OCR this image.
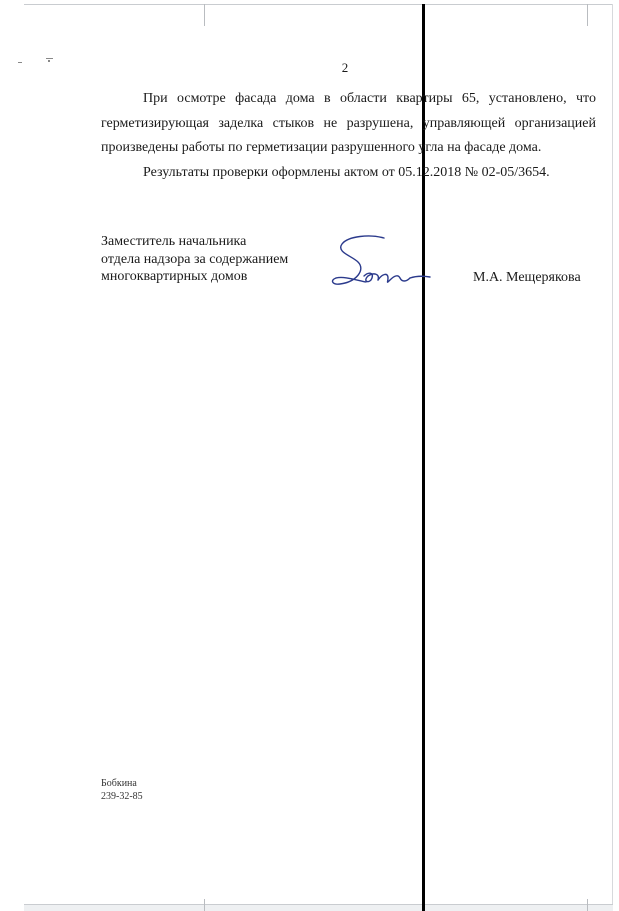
2

При осмотре фасада дома в области квартиры 65, установлено, что герметизирующая заделка стыков не разрушена, управляющей организацией произведены работы по герметизации разрушенного угла на фасаде дома.

Результаты проверки оформлены актом от 05.12.2018 № 02-05/3654.

Заместитель начальника
отдела надзора за содержанием
многоквартирных домов	М.А. Мещерякова
Бобкина
239-32-85
